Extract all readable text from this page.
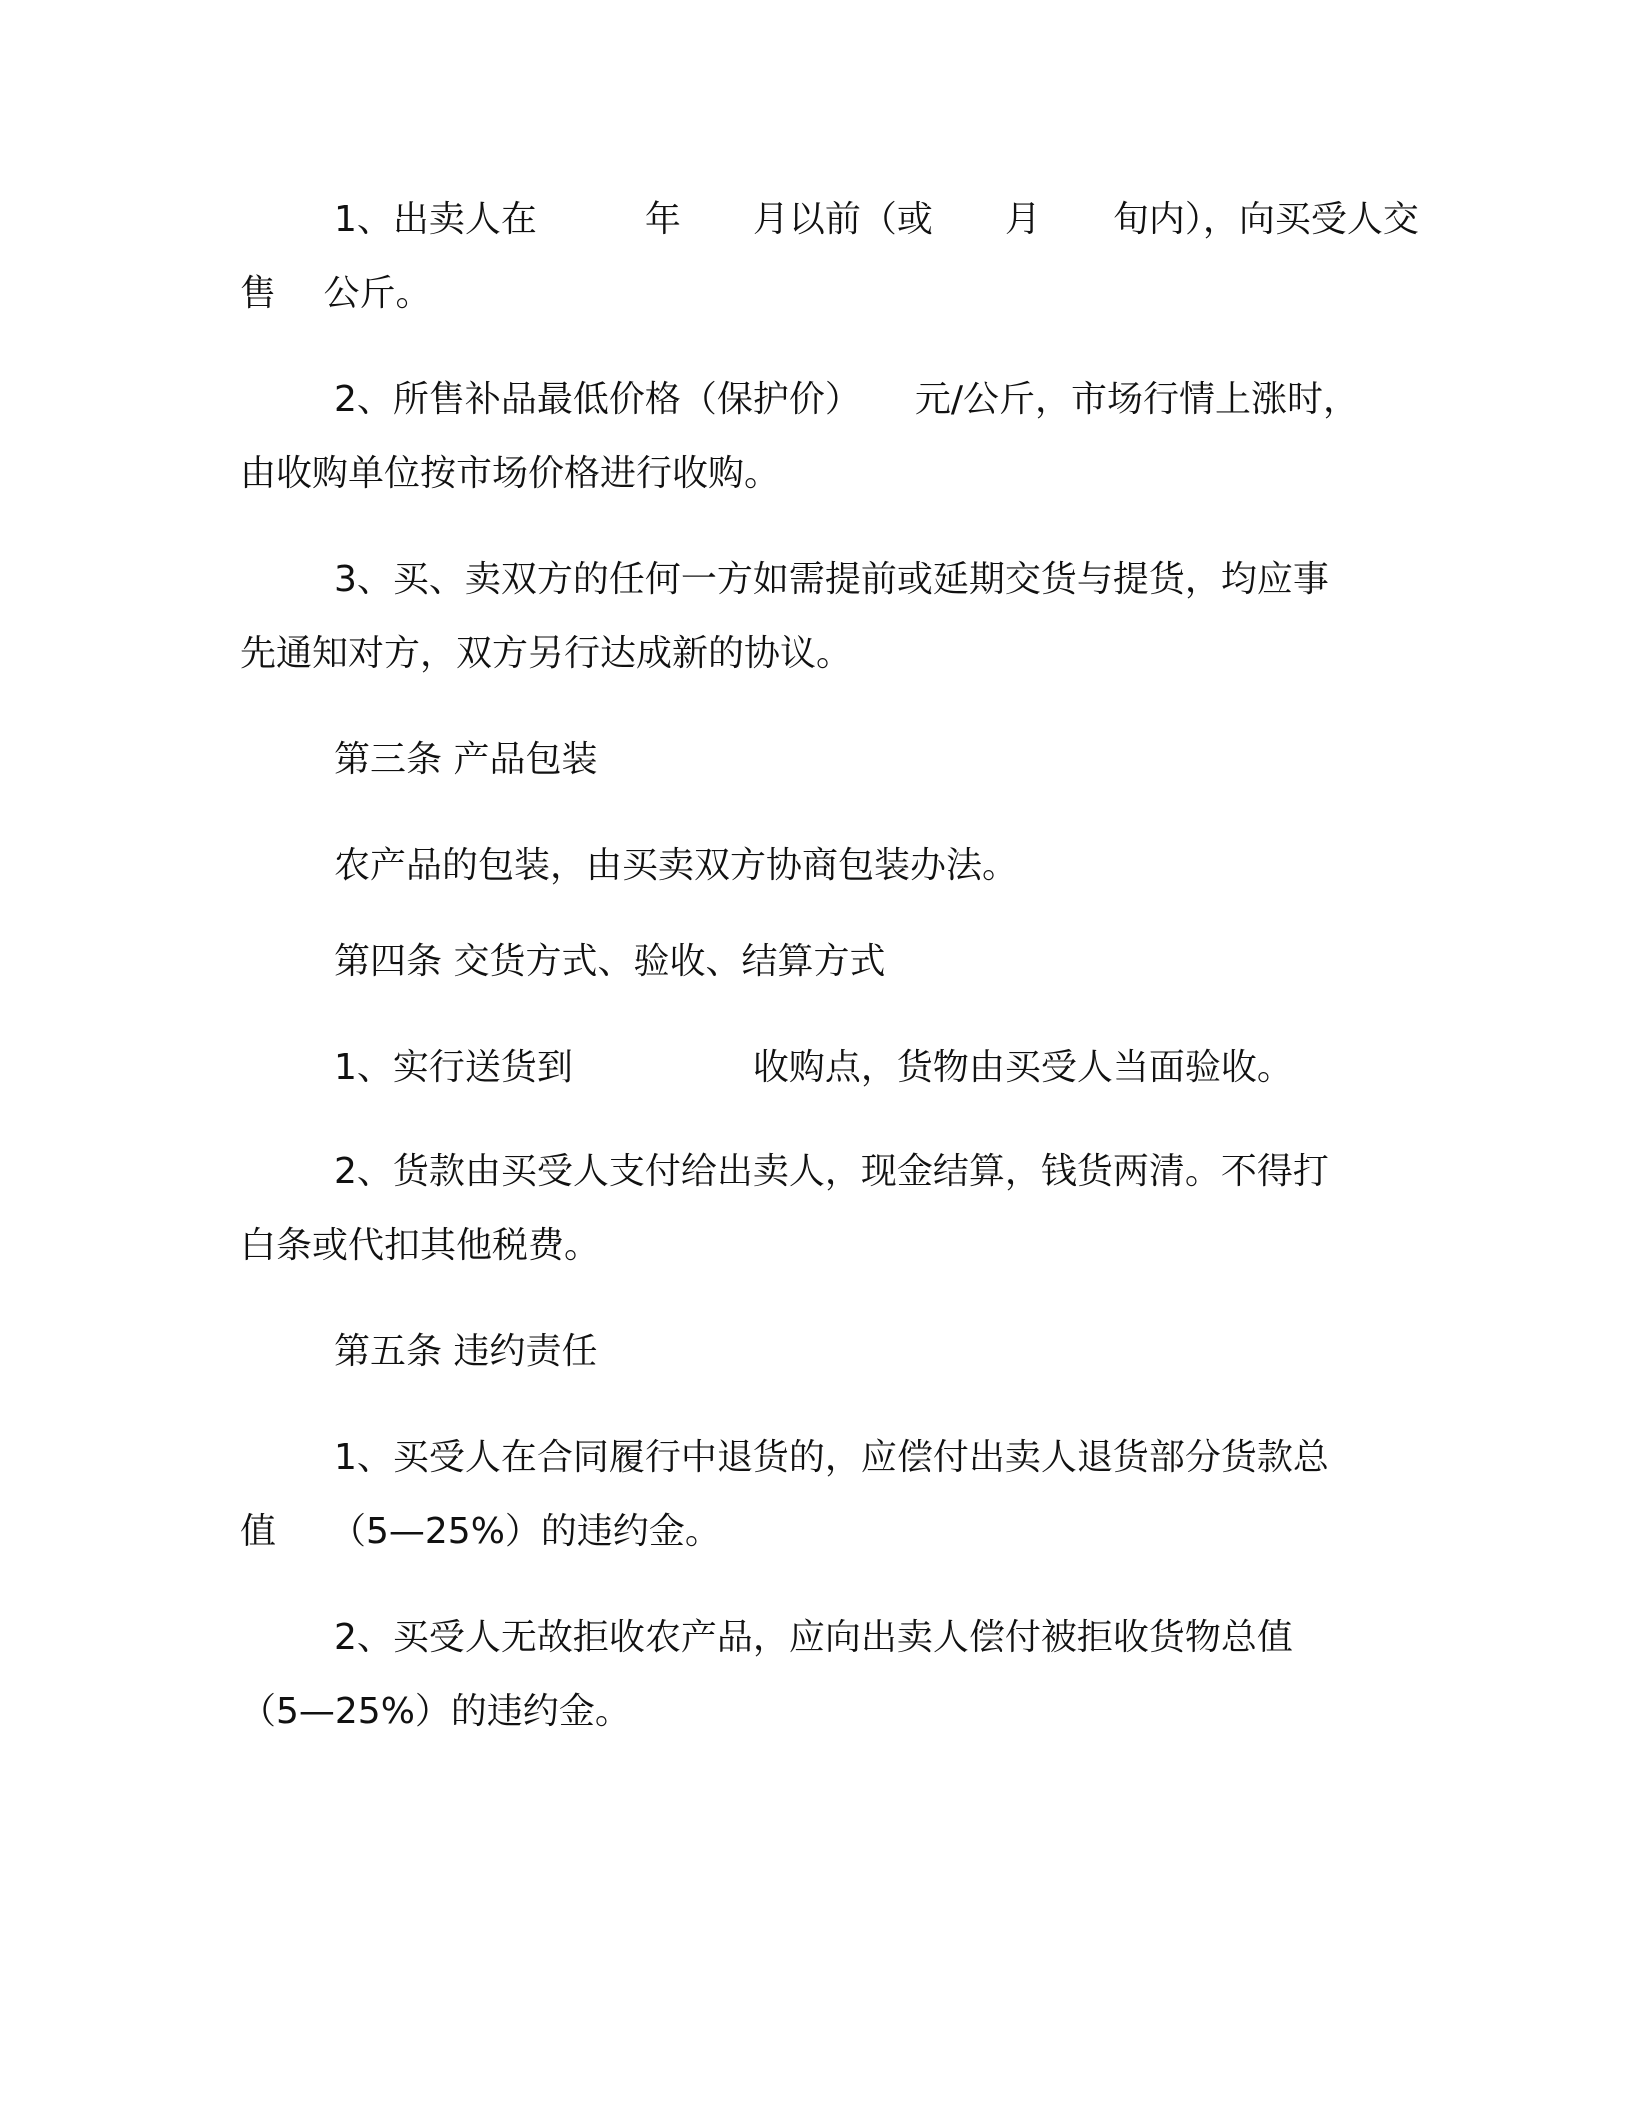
1、出卖人在　　　年　　月以前（或　　月　　旬内），向买受人交
售　 公斤。
2、所售补品最低价格（保护价）　　元/公斤，市场行情上涨时，
由收购单位按市场价格进行收购。
3、买、卖双方的任何一方如需提前或延期交货与提货，均应事
先通知对方，双方另行达成新的协议。
第三条 产品包装
农产品的包装，由买卖双方协商包装办法。
第四条 交货方式、验收、结算方式
1、实行送货到　　　　　收购点，货物由买受人当面验收。
2、货款由买受人支付给出卖人，现金结算，钱货两清。不得打
白条或代扣其他税费。
第五条 违约责任
1、买受人在合同履行中退货的，应偿付出卖人退货部分货款总
值　　（5—25%）的违约金。
2、买受人无故拒收农产品，应向出卖人偿付被拒收货物总值
（5—25%）的违约金。
